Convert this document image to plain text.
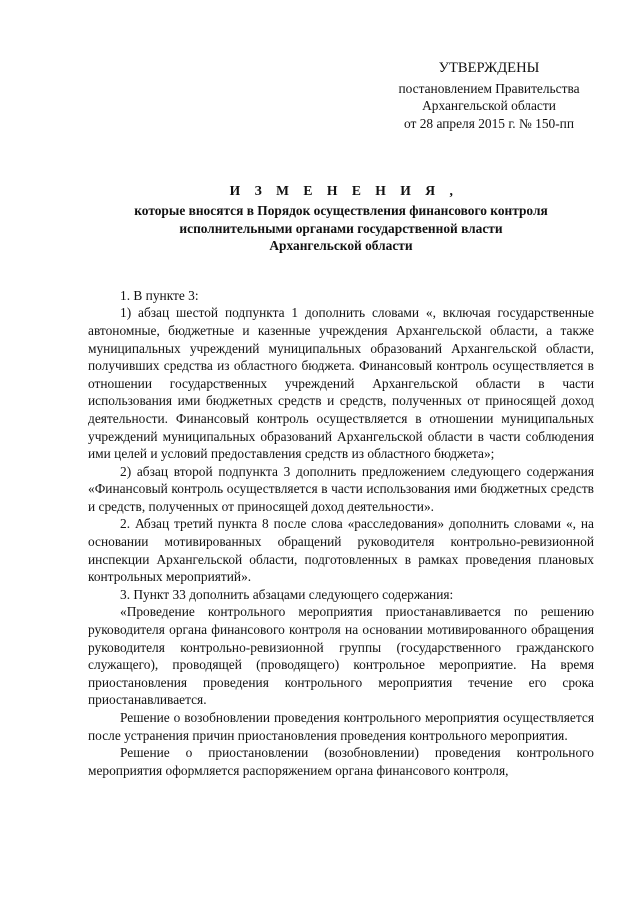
УТВЕРЖДЕНЫ
постановлением Правительства
Архангельской области
от 28 апреля 2015 г. № 150-пп
И З М Е Н Е Н И Я ,
которые вносятся в Порядок осуществления финансового контроля
исполнительными органами государственной власти
Архангельской области

1. В пункте 3:

1) абзац шестой подпункта 1 дополнить словами «, включая государственные автономные, бюджетные и казенные учреждения Архангельской области, а также муниципальных учреждений муниципальных образований Архангельской области, получивших средства из областного бюджета. Финансовый контроль осуществляется в отношении государственных учреждений Архангельской области в части использования ими бюджетных средств и средств, полученных от приносящей доход деятельности. Финансовый контроль осуществляется в отношении муниципальных учреждений муниципальных образований Архангельской области в части соблюдения ими целей и условий предоставления средств из областного бюджета»;

2) абзац второй подпункта 3 дополнить предложением следующего содержания «Финансовый контроль осуществляется в части использования ими бюджетных средств и средств, полученных от приносящей доход деятельности».

2. Абзац третий пункта 8 после слова «расследования» дополнить словами «, на основании мотивированных обращений руководителя контрольно-ревизионной инспекции Архангельской области, подготовленных в рамках проведения плановых контрольных мероприятий».

3. Пункт 33 дополнить абзацами следующего содержания:

«Проведение контрольного мероприятия приостанавливается по решению руководителя органа финансового контроля на основании мотивированного обращения руководителя контрольно-ревизионной группы (государственного гражданского служащего), проводящей (проводящего) контрольное мероприятие. На время приостановления проведения контрольного мероприятия течение его срока приостанавливается.

Решение о возобновлении проведения контрольного мероприятия осуществляется после устранения причин приостановления проведения контрольного мероприятия.

Решение о приостановлении (возобновлении) проведения контрольного мероприятия оформляется распоряжением органа финансового контроля,
